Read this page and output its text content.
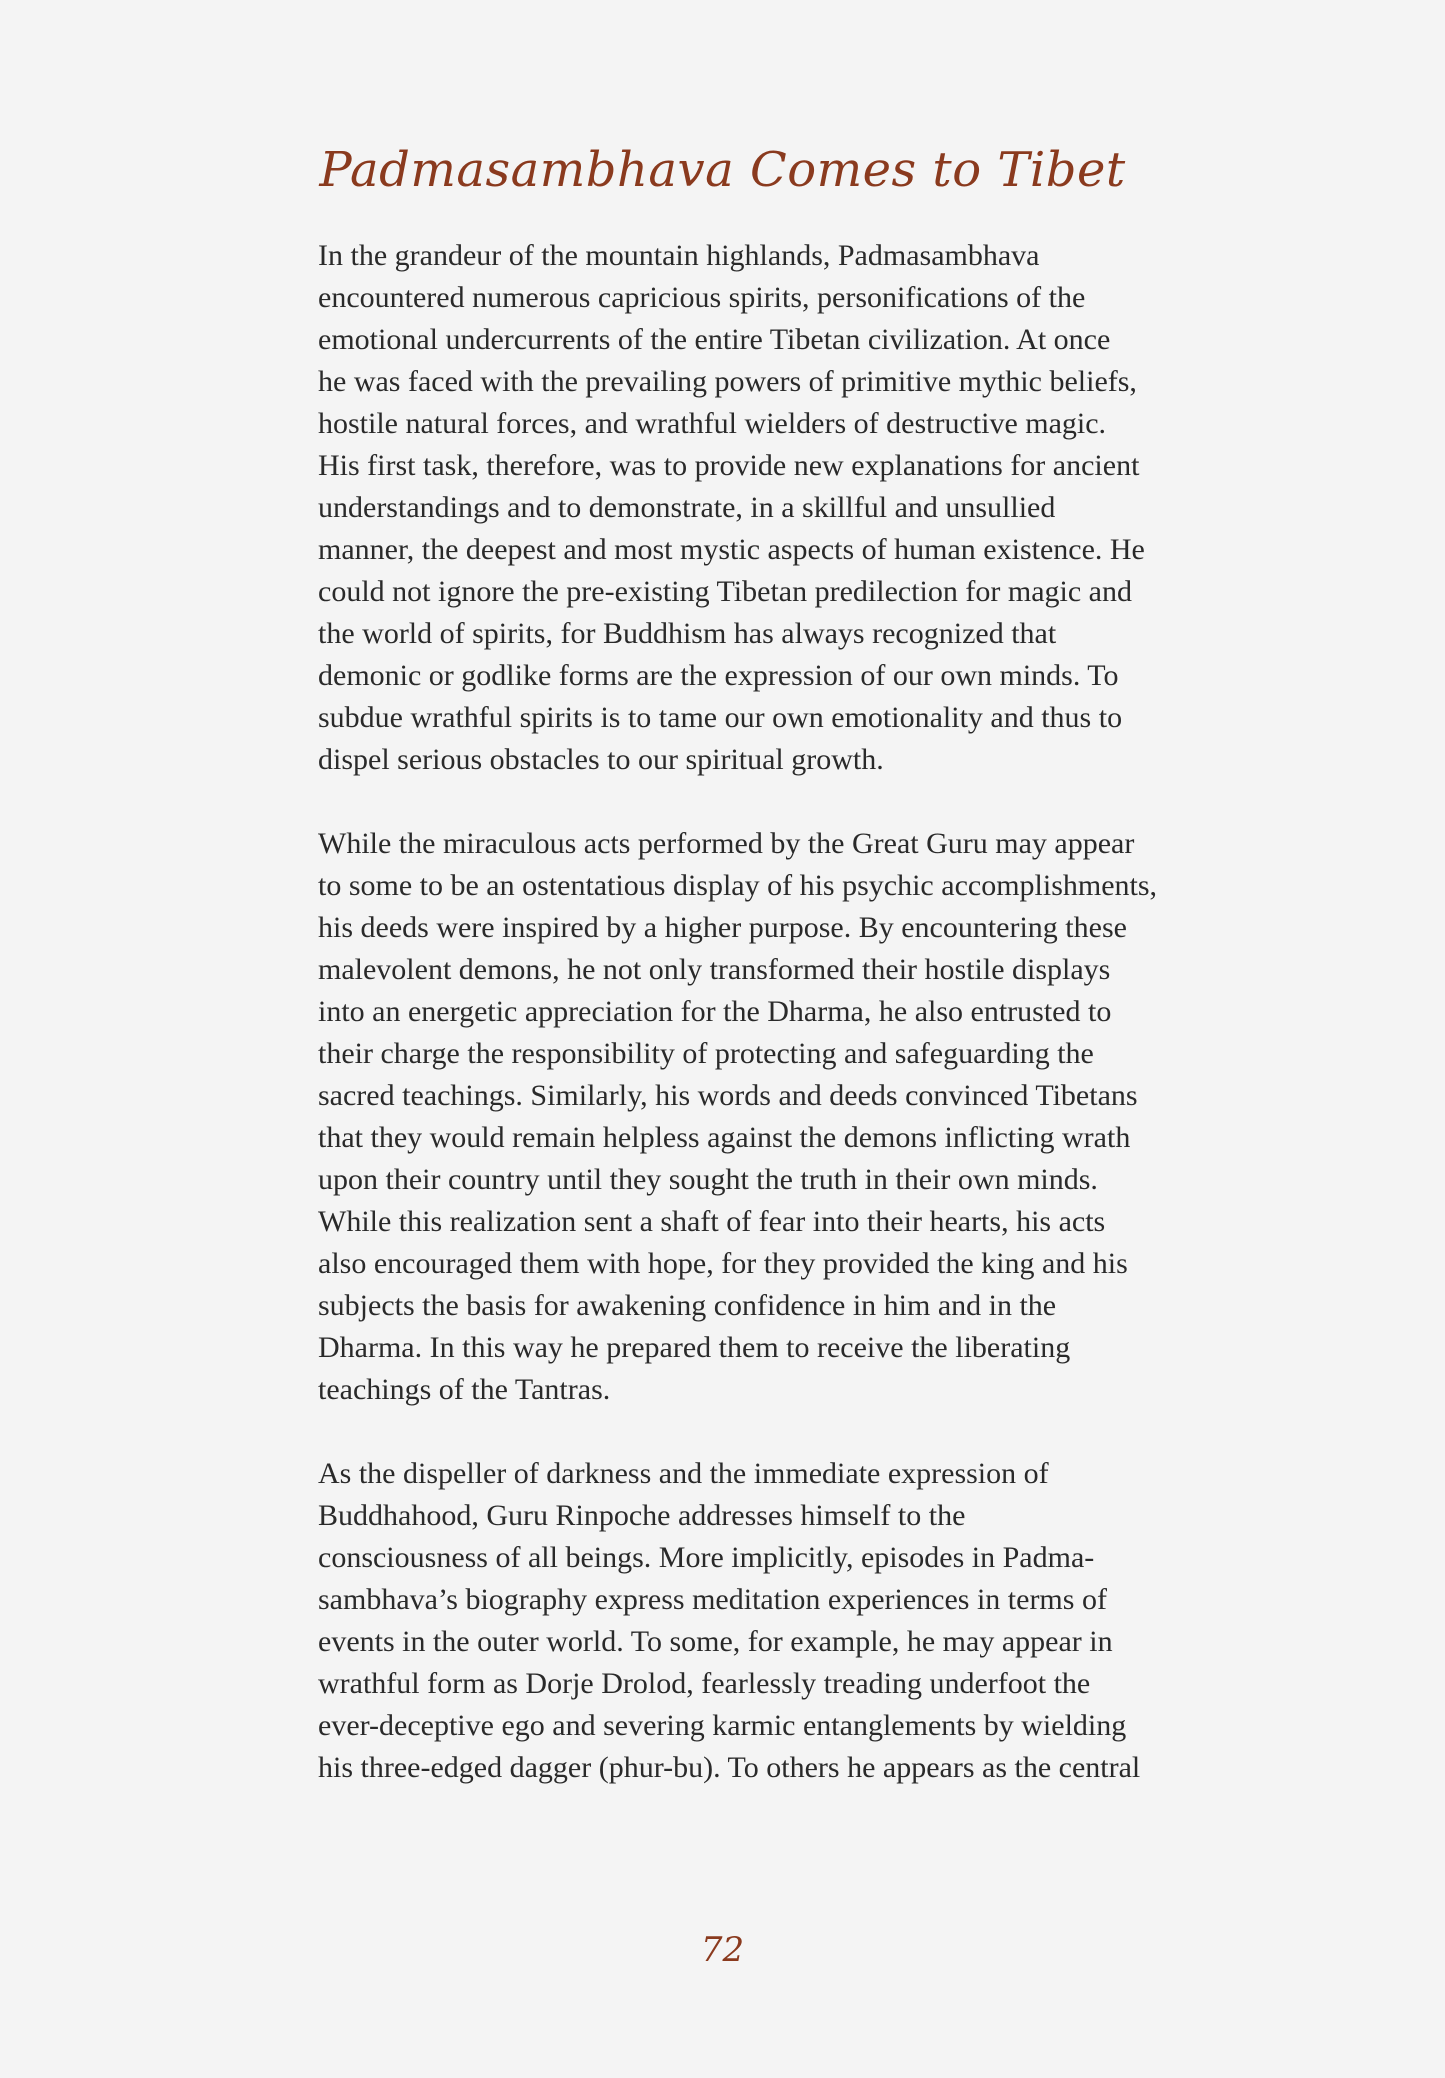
Padmasambhava Comes to Tibet

In the grandeur of the mountain highlands, Padmasambhava
encountered numerous capricious spirits, personifications of the
emotional undercurrents of the entire Tibetan civilization. At once
he was faced with the prevailing powers of primitive mythic beliefs,
hostile natural forces, and wrathful wielders of destructive magic.
His first task, therefore, was to provide new explanations for ancient
understandings and to demonstrate, in a skillful and unsullied
manner, the deepest and most mystic aspects of human existence. He
could not ignore the pre-existing Tibetan predilection for magic and
the world of spirits, for Buddhism has always recognized that
demonic or godlike forms are the expression of our own minds. To
subdue wrathful spirits is to tame our own emotionality and thus to
dispel serious obstacles to our spiritual growth.

While the miraculous acts performed by the Great Guru may appear
to some to be an ostentatious display of his psychic accomplishments,
his deeds were inspired by a higher purpose. By encountering these
malevolent demons, he not only transformed their hostile displays
into an energetic appreciation for the Dharma, he also entrusted to
their charge the responsibility of protecting and safeguarding the
sacred teachings. Similarly, his words and deeds convinced Tibetans
that they would remain helpless against the demons inflicting wrath
upon their country until they sought the truth in their own minds.
While this realization sent a shaft of fear into their hearts, his acts
also encouraged them with hope, for they provided the king and his
subjects the basis for awakening confidence in him and in the
Dharma. In this way he prepared them to receive the liberating
teachings of the Tantras.

As the dispeller of darkness and the immediate expression of
Buddhahood, Guru Rinpoche addresses himself to the
consciousness of all beings. More implicitly, episodes in Padma-
sambhava’s biography express meditation experiences in terms of
events in the outer world. To some, for example, he may appear in
wrathful form as Dorje Drolod, fearlessly treading underfoot the
ever-deceptive ego and severing karmic entanglements by wielding
his three-edged dagger (phur-bu). To others he appears as the central

72
